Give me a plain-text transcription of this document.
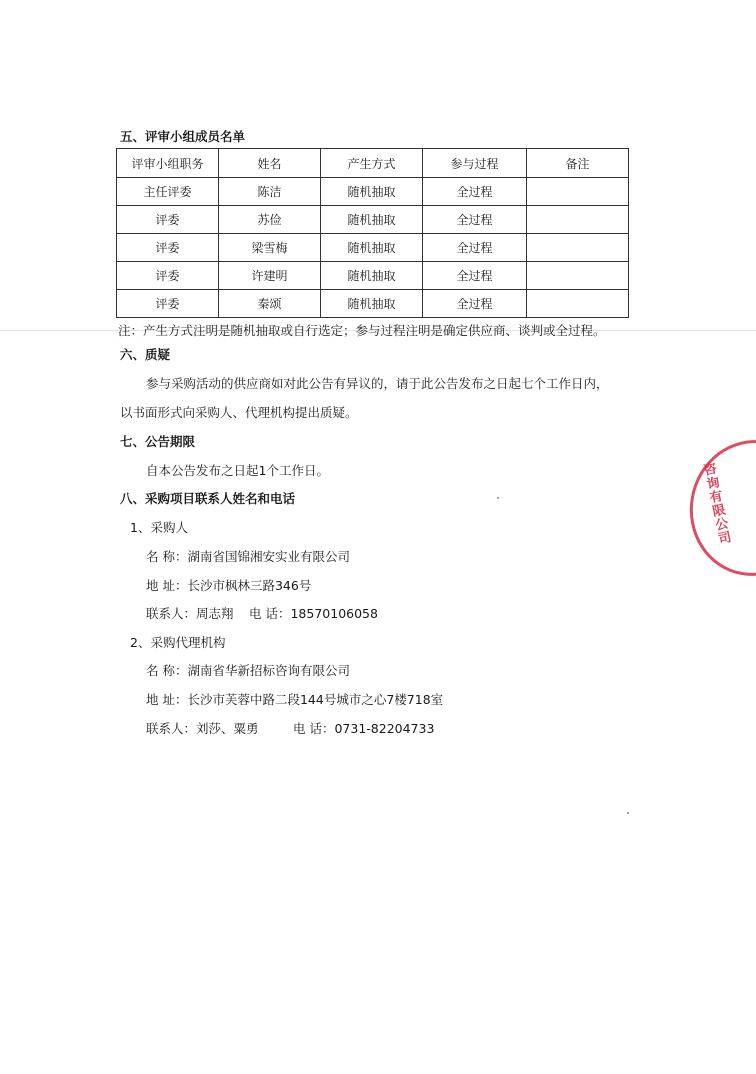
五、评审小组成员名单
评审小组职务	姓名	产生方式	参与过程	备注
主任评委	陈洁	随机抽取	全过程	
评委	苏俭	随机抽取	全过程	
评委	梁雪梅	随机抽取	全过程	
评委	许建明	随机抽取	全过程	
评委	秦颂	随机抽取	全过程	
注：产生方式注明是随机抽取或自行选定；参与过程注明是确定供应商、谈判或全过程。
六、质疑
参与采购活动的供应商如对此公告有异议的，请于此公告发布之日起七个工作日内，
以书面形式向采购人、代理机构提出质疑。
七、公告期限
自本公告发布之日起1个工作日。
八、采购项目联系人姓名和电话
1、采购人
名 称：湖南省国锦湘安实业有限公司
地 址：长沙市枫林三路346号
联系人：周志翔 电 话：18570106058
2、采购代理机构
名 称：湖南省华新招标咨询有限公司
地 址：长沙市芙蓉中路二段144号城市之心7楼718室
联系人：刘莎、粟勇	电 话：0731-82204733
咨询有限公司
